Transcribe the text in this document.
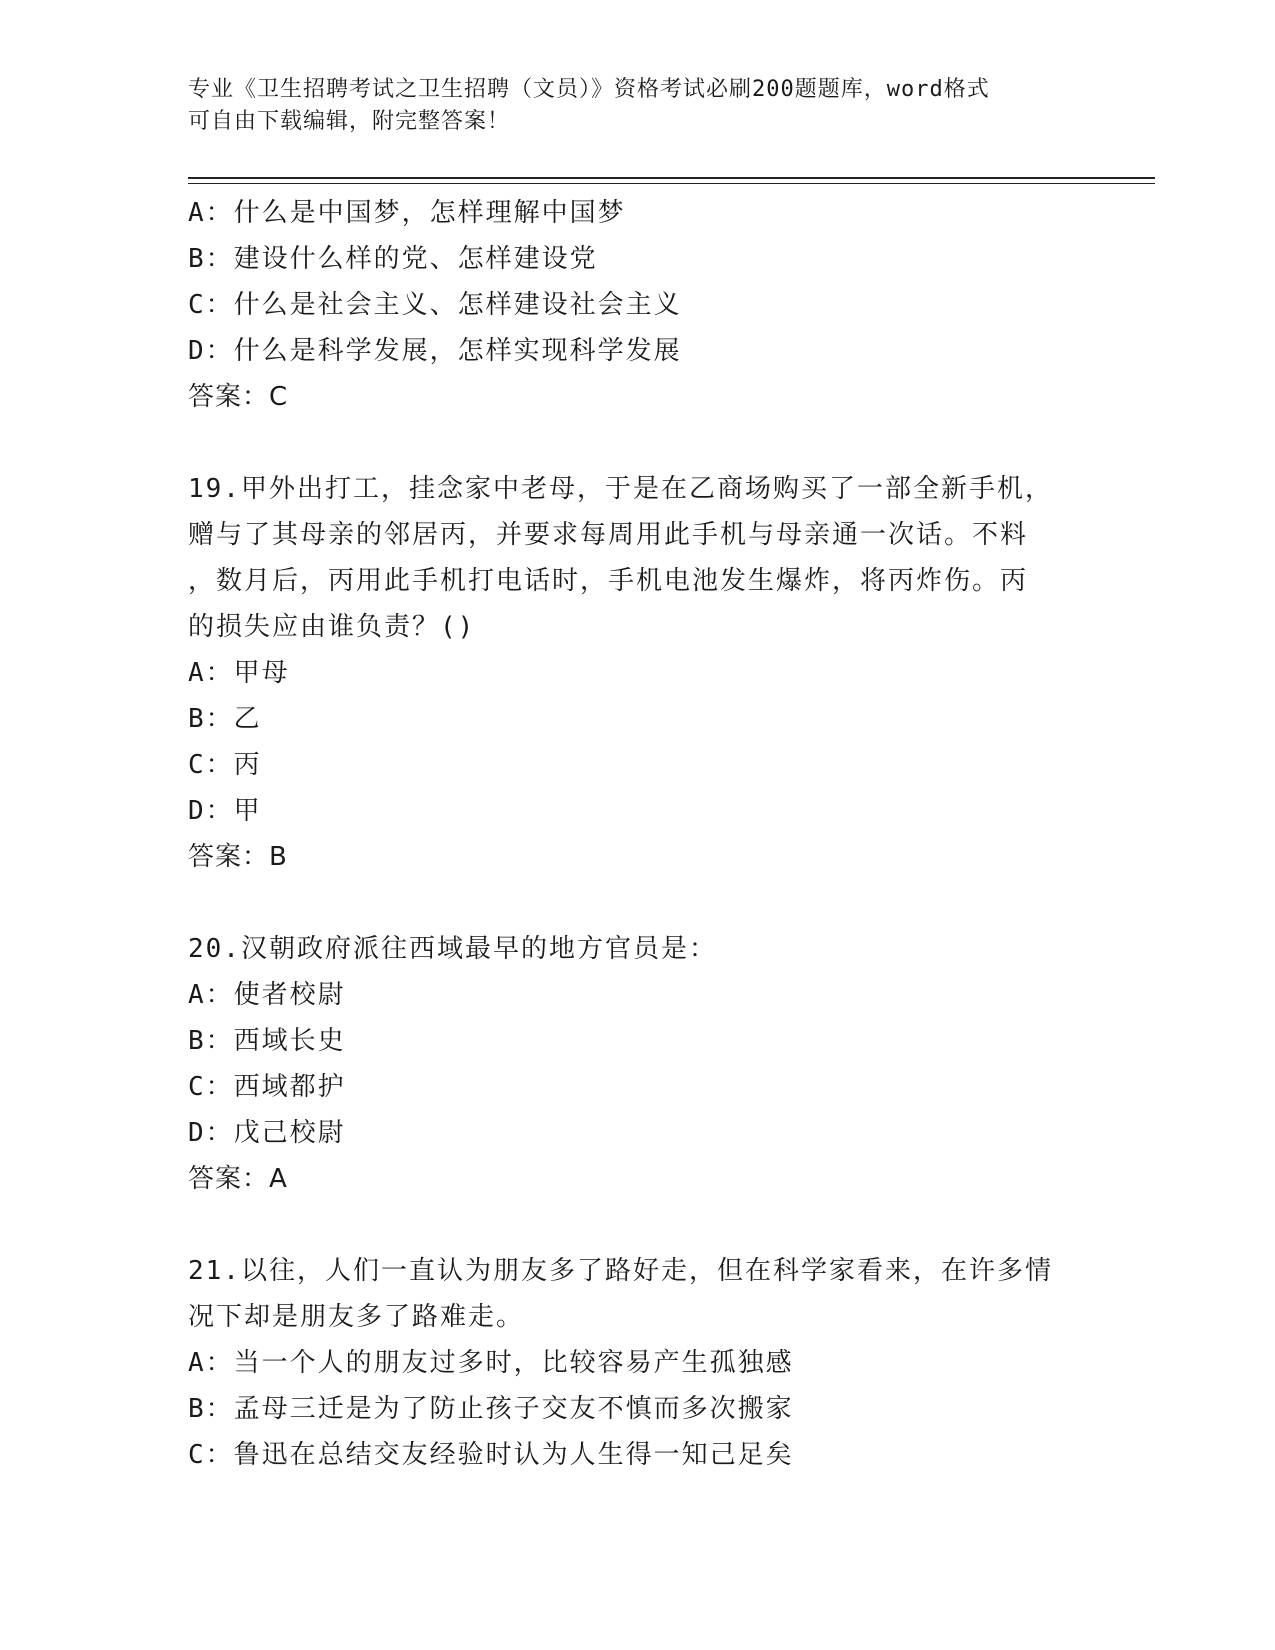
专业《卫生招聘考试之卫生招聘（文员）》资格考试必刷200题题库，word格式
可自由下载编辑，附完整答案！
A：什么是中国梦，怎样理解中国梦
B：建设什么样的党、怎样建设党
C：什么是社会主义、怎样建设社会主义
D：什么是科学发展，怎样实现科学发展
答案：C
19.甲外出打工，挂念家中老母，于是在乙商场购买了一部全新手机，
赠与了其母亲的邻居丙，并要求每周用此手机与母亲通一次话。不料
，数月后，丙用此手机打电话时，手机电池发生爆炸，将丙炸伤。丙
的损失应由谁负责？()
A：甲母
B：乙
C：丙
D：甲
答案：B
20.汉朝政府派往西域最早的地方官员是：
A：使者校尉
B：西域长史
C：西域都护
D：戊己校尉
答案：A
21.以往，人们一直认为朋友多了路好走，但在科学家看来，在许多情
况下却是朋友多了路难走。
A：当一个人的朋友过多时，比较容易产生孤独感
B：孟母三迁是为了防止孩子交友不慎而多次搬家
C：鲁迅在总结交友经验时认为人生得一知己足矣
